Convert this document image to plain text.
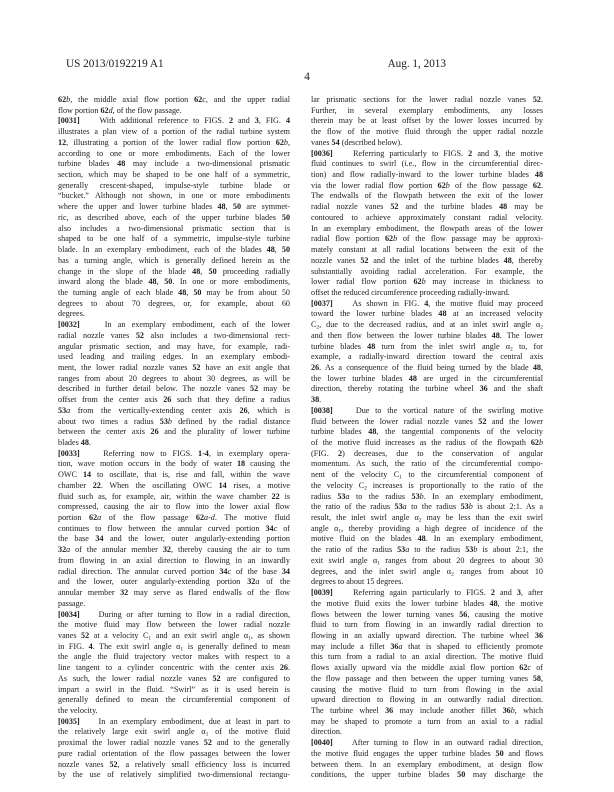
US 2013/0192219 A1	Aug. 1, 2013
4
62b, the middle axial flow portion 62c, and the upper radial
flow portion 62d, of the flow passage.
[0031]    With additional reference to FIGS. 2 and 3, FIG. 4
illustrates a plan view of a portion of the radial turbine system
12, illustrating a portion of the lower radial flow portion 62b,
according to one or more embodiments. Each of the lower
turbine blades 48 may include a two-dimensional prismatic
section, which may be shaped to be one half of a symmetric,
generally crescent-shaped, impulse-style turbine blade or
“bucket.” Although not shown, in one or more embodiments
where the upper and lower turbine blades 48, 50 are symmet-
ric, as described above, each of the upper turbine blades 50
also includes a two-dimensional prismatic section that is
shaped to be one half of a symmetric, impulse-style turbine
blade. In an exemplary embodiment, each of the blades 48, 50
has a turning angle, which is generally defined herein as the
change in the slope of the blade 48, 50 proceeding radially
inward along the blade 48, 50. In one or more embodiments,
the turning angle of each blade 48, 50 may be from about 50
degrees to about 70 degrees, or, for example, about 60
degrees.
[0032]    In an exemplary embodiment, each of the lower
radial nozzle vanes 52 also includes a two-dimensional rect-
angular prismatic section, and may have, for example, radi-
used leading and trailing edges. In an exemplary embodi-
ment, the lower radial nozzle vanes 52 have an exit angle that
ranges from about 20 degrees to about 30 degrees, as will be
described in further detail below. The nozzle vanes 52 may be
offset from the center axis 26 such that they define a radius
53a from the vertically-extending center axis 26, which is
about two times a radius 53b defined by the radial distance
between the center axis 26 and the plurality of lower turbine
blades 48.
[0033]    Referring now to FIGS. 1-4, in exemplary opera-
tion, wave motion occurs in the body of water 18 causing the
OWC 14 to oscillate, that is, rise and fall, within the wave
chamber 22. When the oscillating OWC 14 rises, a motive
fluid such as, for example, air, within the wave chamber 22 is
compressed, causing the air to flow into the lower axial flow
portion 62a of the flow passage 62a-d. The motive fluid
continues to flow between the annular curved portion 34c of
the base 34 and the lower, outer angularly-extending portion
32a of the annular member 32, thereby causing the air to turn
from flowing in an axial direction to flowing in an inwardly
radial direction. The annular curved portion 34c of the base 34
and the lower, outer angularly-extending portion 32a of the
annular member 32 may serve as flared endwalls of the flow
passage.
[0034]    During or after turning to flow in a radial direction,
the motive fluid may flow between the lower radial nozzle
vanes 52 at a velocity C1 and an exit swirl angle α1, as shown
in FIG. 4. The exit swirl angle α1 is generally defined to mean
the angle the fluid trajectory vector makes with respect to a
line tangent to a cylinder concentric with the center axis 26.
As such, the lower radial nozzle vanes 52 are configured to
impart a swirl in the fluid. “Swirl” as it is used herein is
generally defined to mean the circumferential component of
the velocity.
[0035]    In an exemplary embodiment, due at least in part to
the relatively large exit swirl angle α1 of the motive fluid
proximal the lower radial nozzle vanes 52 and to the generally
pure radial orientation of the flow passages between the lower
nozzle vanes 52, a relatively small efficiency loss is incurred
by the use of relatively simplified two-dimensional rectangu-
lar prismatic sections for the lower radial nozzle vanes 52.
Further, in several exemplary embodiments, any losses
therein may be at least offset by the lower losses incurred by
the flow of the motive fluid through the upper radial nozzle
vanes 54 (described below).
[0036]    Referring particularly to FIGS. 2 and 3, the motive
fluid continues to swirl (i.e., flow in the circumferential direc-
tion) and flow radially-inward to the lower turbine blades 48
via the lower radial flow portion 62b of the flow passage 62.
The endwalls of the flowpath between the exit of the lower
radial nozzle vanes 52 and the turbine blades 48 may be
contoured to achieve approximately constant radial velocity.
In an exemplary embodiment, the flowpath areas of the lower
radial flow portion 62b of the flow passage may be approxi-
mately constant at all radial locations between the exit of the
nozzle vanes 52 and the inlet of the turbine blades 48, thereby
substantially avoiding radial acceleration. For example, the
lower radial flow portion 62b may increase in thickness to
offset the reduced circumference proceeding radially-inward.
[0037]    As shown in FIG. 4, the motive fluid may proceed
toward the lower turbine blades 48 at an increased velocity
C2, due to the decreased radius, and at an inlet swirl angle α2
and then flow between the lower turbine blades 48. The lower
turbine blades 48 turn from the inlet swirl angle α2 to, for
example, a radially-inward direction toward the central axis
26. As a consequence of the fluid being turned by the blade 48,
the lower turbine blades 48 are urged in the circumferential
direction, thereby rotating the turbine wheel 36 and the shaft
38.
[0038]    Due to the vortical nature of the swirling motive
fluid between the lower radial nozzle vanes 52 and the lower
turbine blades 48, the tangential components of the velocity
of the motive fluid increases as the radius of the flowpath 62b
(FIG. 2) decreases, due to the conservation of angular
momentum. As such, the ratio of the circumferential compo-
nent of the velocity C1 to the circumferential component of
the velocity C2 increases is proportionally to the ratio of the
radius 53a to the radius 53b. In an exemplary embodiment,
the ratio of the radius 53a to the radius 53b is about 2:1. As a
result, the inlet swirl angle α2 may be less than the exit swirl
angle α1, thereby providing a high degree of incidence of the
motive fluid on the blades 48. In an exemplary embodiment,
the ratio of the radius 53a to the radius 53b is about 2:1, the
exit swirl angle α1 ranges from about 20 degrees to about 30
degrees, and the inlet swirl angle α2 ranges from about 10
degrees to about 15 degrees.
[0039]    Referring again particularly to FIGS. 2 and 3, after
the motive fluid exits the lower turbine blades 48, the motive
flows between the lower turning vanes 56, causing the motive
fluid to turn from flowing in an inwardly radial direction to
flowing in an axially upward direction. The turbine wheel 36
may include a fillet 36a that is shaped to efficiently promote
this turn from a radial to an axial direction. The motive fluid
flows axially upward via the middle axial flow portion 62c of
the flow passage and then between the upper turning vanes 58,
causing the motive fluid to turn from flowing in the axial
upward direction to flowing in an outwardly radial direction.
The turbine wheel 36 may include another fillet 36b, which
may be shaped to promote a turn from an axial to a radial
direction.
[0040]    After turning to flow in an outward radial direction,
the motive fluid engages the upper turbine blades 50 and flows
between them. In an exemplary embodiment, at design flow
conditions, the upper turbine blades 50 may discharge the
